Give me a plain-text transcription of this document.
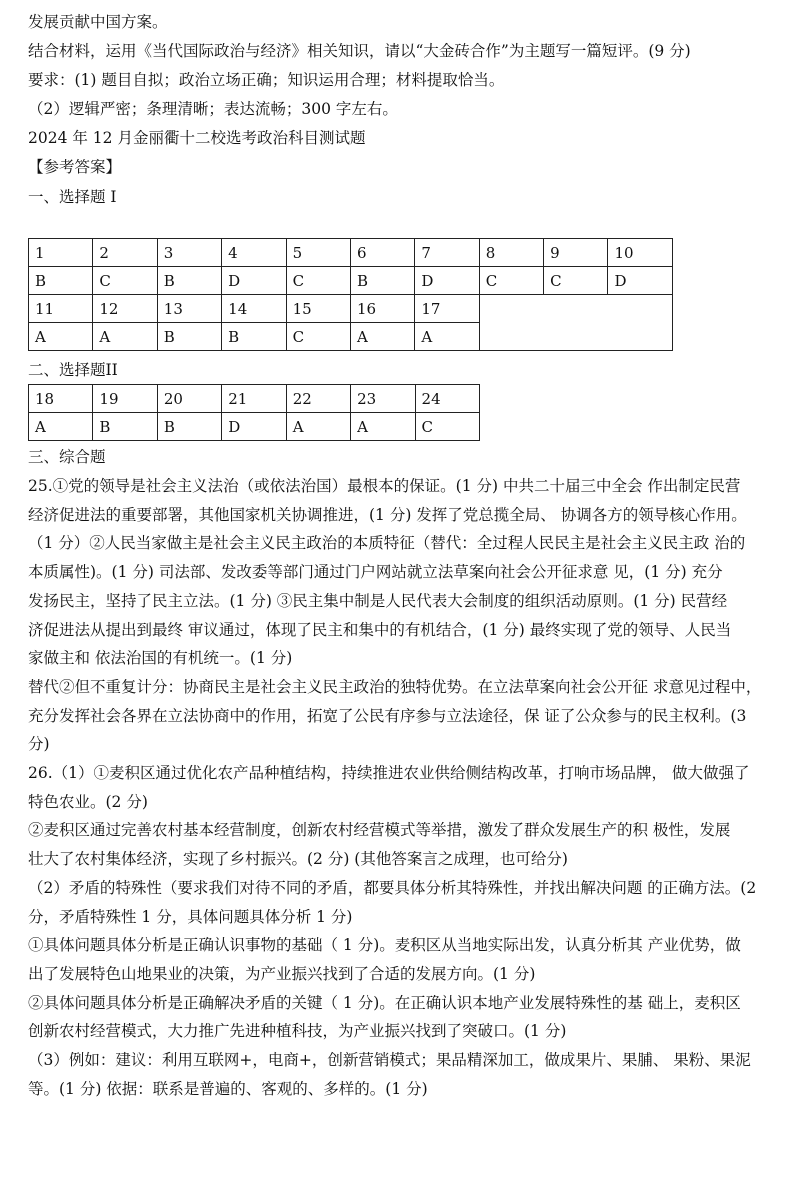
发展贡献中国方案。
结合材料，运用《当代国际政治与经济》相关知识，请以“大金砖合作”为主题写一篇短评。(9 分)
要求：(1) 题目自拟；政治立场正确；知识运用合理；材料提取恰当。
（2）逻辑严密；条理清晰；表达流畅；300 字左右。
2024 年 12 月金丽衢十二校选考政治科目测试题
【参考答案】
一、选择题 I
1	2	3	4	5	6	7	8	9	10
B	C	B	D	C	B	D	C	C	D
11	12	13	14	15	16	17			
A	A	B	B	C	A	A			
二、选择题II
18	19	20	21	22	23	24
A	B	B	D	A	A	C
三、综合题
25.①党的领导是社会主义法治（或依法治国）最根本的保证。(1 分) 中共二十届三中全会 作出制定民营
经济促进法的重要部署，其他国家机关协调推进，(1 分) 发挥了党总揽全局、 协调各方的领导核心作用。
（1 分）②人民当家做主是社会主义民主政治的本质特征（替代：全过程人民民主是社会主义民主政 治的
本质属性)。(1 分) 司法部、发改委等部门通过门户网站就立法草案向社会公开征求意 见，(1 分) 充分
发扬民主，坚持了民主立法。(1 分) ③民主集中制是人民代表大会制度的组织活动原则。(1 分) 民营经
济促进法从提出到最终 审议通过，体现了民主和集中的有机结合，(1 分) 最终实现了党的领导、人民当
家做主和 依法治国的有机统一。(1 分)
替代②但不重复计分：协商民主是社会主义民主政治的独特优势。在立法草案向社会公开征 求意见过程中，
充分发挥社会各界在立法协商中的作用，拓宽了公民有序参与立法途径，保 证了公众参与的民主权利。(3
分)
26.（1）①麦积区通过优化农产品种植结构，持续推进农业供给侧结构改革，打响市场品牌， 做大做强了
特色农业。(2 分)
②麦积区通过完善农村基本经营制度，创新农村经营模式等举措，激发了群众发展生产的积 极性，发展
壮大了农村集体经济，实现了乡村振兴。(2 分) (其他答案言之成理，也可给分)
（2）矛盾的特殊性（要求我们对待不同的矛盾，都要具体分析其特殊性，并找出解决问题 的正确方法。(2
分，矛盾特殊性 1 分，具体问题具体分析 1 分)
①具体问题具体分析是正确认识事物的基础（ 1 分)。麦积区从当地实际出发，认真分析其 产业优势，做
出了发展特色山地果业的决策，为产业振兴找到了合适的发展方向。(1 分)
②具体问题具体分析是正确解决矛盾的关键（ 1 分)。在正确认识本地产业发展特殊性的基 础上，麦积区
创新农村经营模式，大力推广先进种植科技，为产业振兴找到了突破口。(1 分)
（3）例如：建议：利用互联网+，电商+，创新营销模式；果品精深加工，做成果片、果脯、 果粉、果泥
等。(1 分) 依据：联系是普遍的、客观的、多样的。(1 分)
